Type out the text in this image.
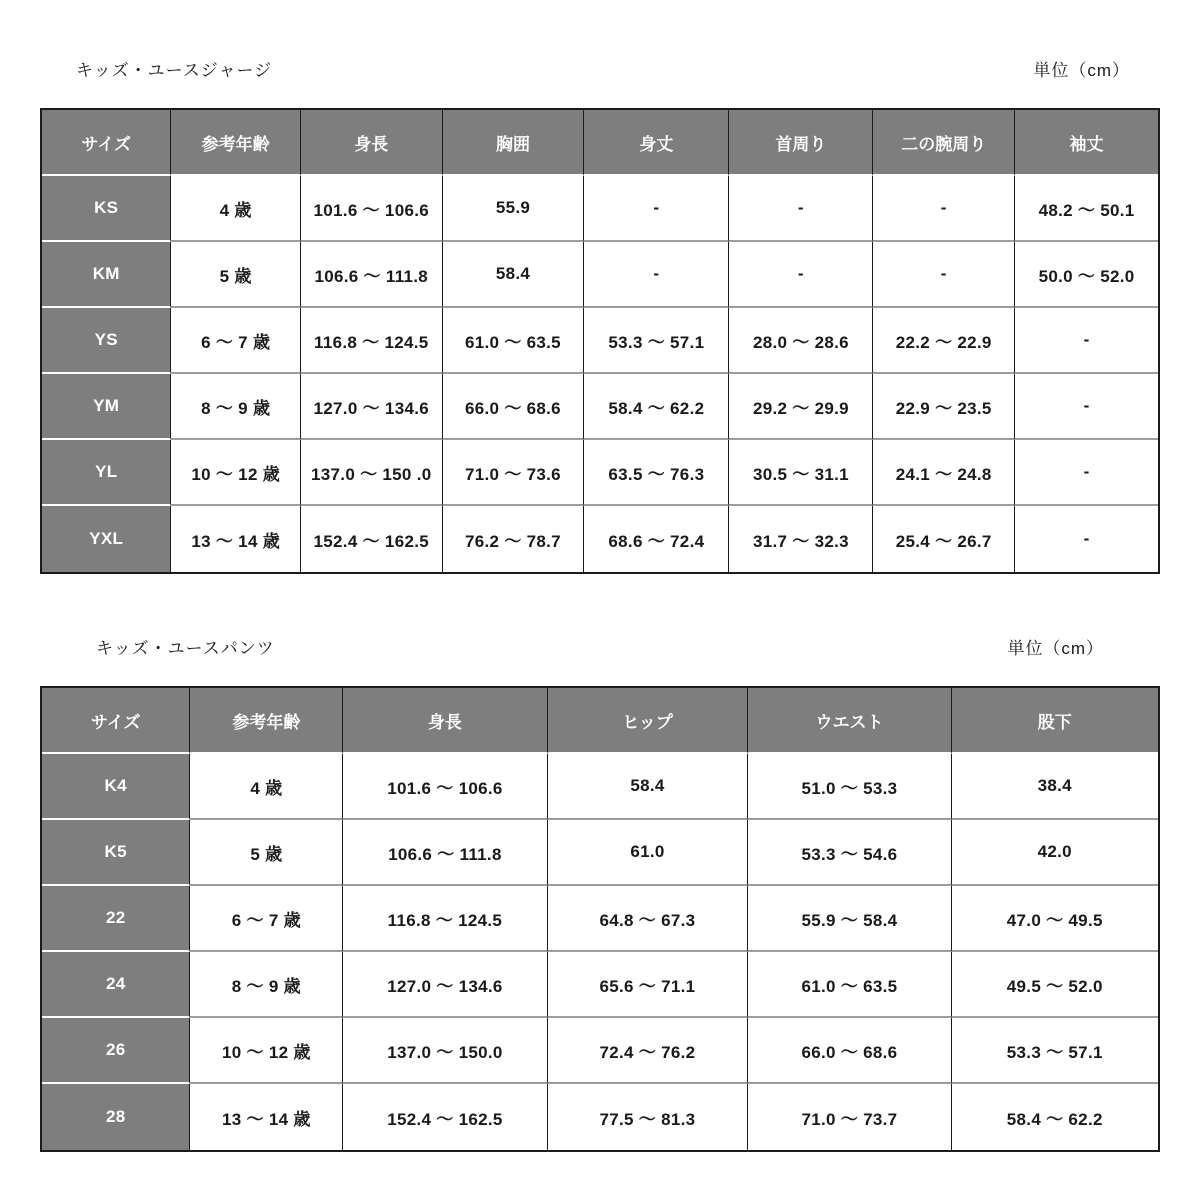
キッズ・ユースジャージ	単位（cm）
サイズ	参考年齢	身長	胸囲	身丈	首周り	二の腕周り	袖丈
KS	4 歳	101.6 ～ 106.6	55.9	-	-	-	48.2 ～ 50.1
KM	5 歳	106.6 ～ 111.8	58.4	-	-	-	50.0 ～ 52.0
YS	6 ～ 7 歳	116.8 ～ 124.5	61.0 ～ 63.5	53.3 ～ 57.1	28.0 ～ 28.6	22.2 ～ 22.9	-
YM	8 ～ 9 歳	127.0 ～ 134.6	66.0 ～ 68.6	58.4 ～ 62.2	29.2 ～ 29.9	22.9 ～ 23.5	-
YL	10 ～ 12 歳	137.0 ～ 150 .0	71.0 ～ 73.6	63.5 ～ 76.3	30.5 ～ 31.1	24.1 ～ 24.8	-
YXL	13 ～ 14 歳	152.4 ～ 162.5	76.2 ～ 78.7	68.6 ～ 72.4	31.7 ～ 32.3	25.4 ～ 26.7	-
キッズ・ユースパンツ	単位（cm）
サイズ	参考年齢	身長	ヒップ	ウエスト	股下
K4	4 歳	101.6 ～ 106.6	58.4	51.0 ～ 53.3	38.4
K5	5 歳	106.6 ～ 111.8	61.0	53.3 ～ 54.6	42.0
22	6 ～ 7 歳	116.8 ～ 124.5	64.8 ～ 67.3	55.9 ～ 58.4	47.0 ～ 49.5
24	8 ～ 9 歳	127.0 ～ 134.6	65.6 ～ 71.1	61.0 ～ 63.5	49.5 ～ 52.0
26	10 ～ 12 歳	137.0 ～ 150.0	72.4 ～ 76.2	66.0 ～ 68.6	53.3 ～ 57.1
28	13 ～ 14 歳	152.4 ～ 162.5	77.5 ～ 81.3	71.0 ～ 73.7	58.4 ～ 62.2
